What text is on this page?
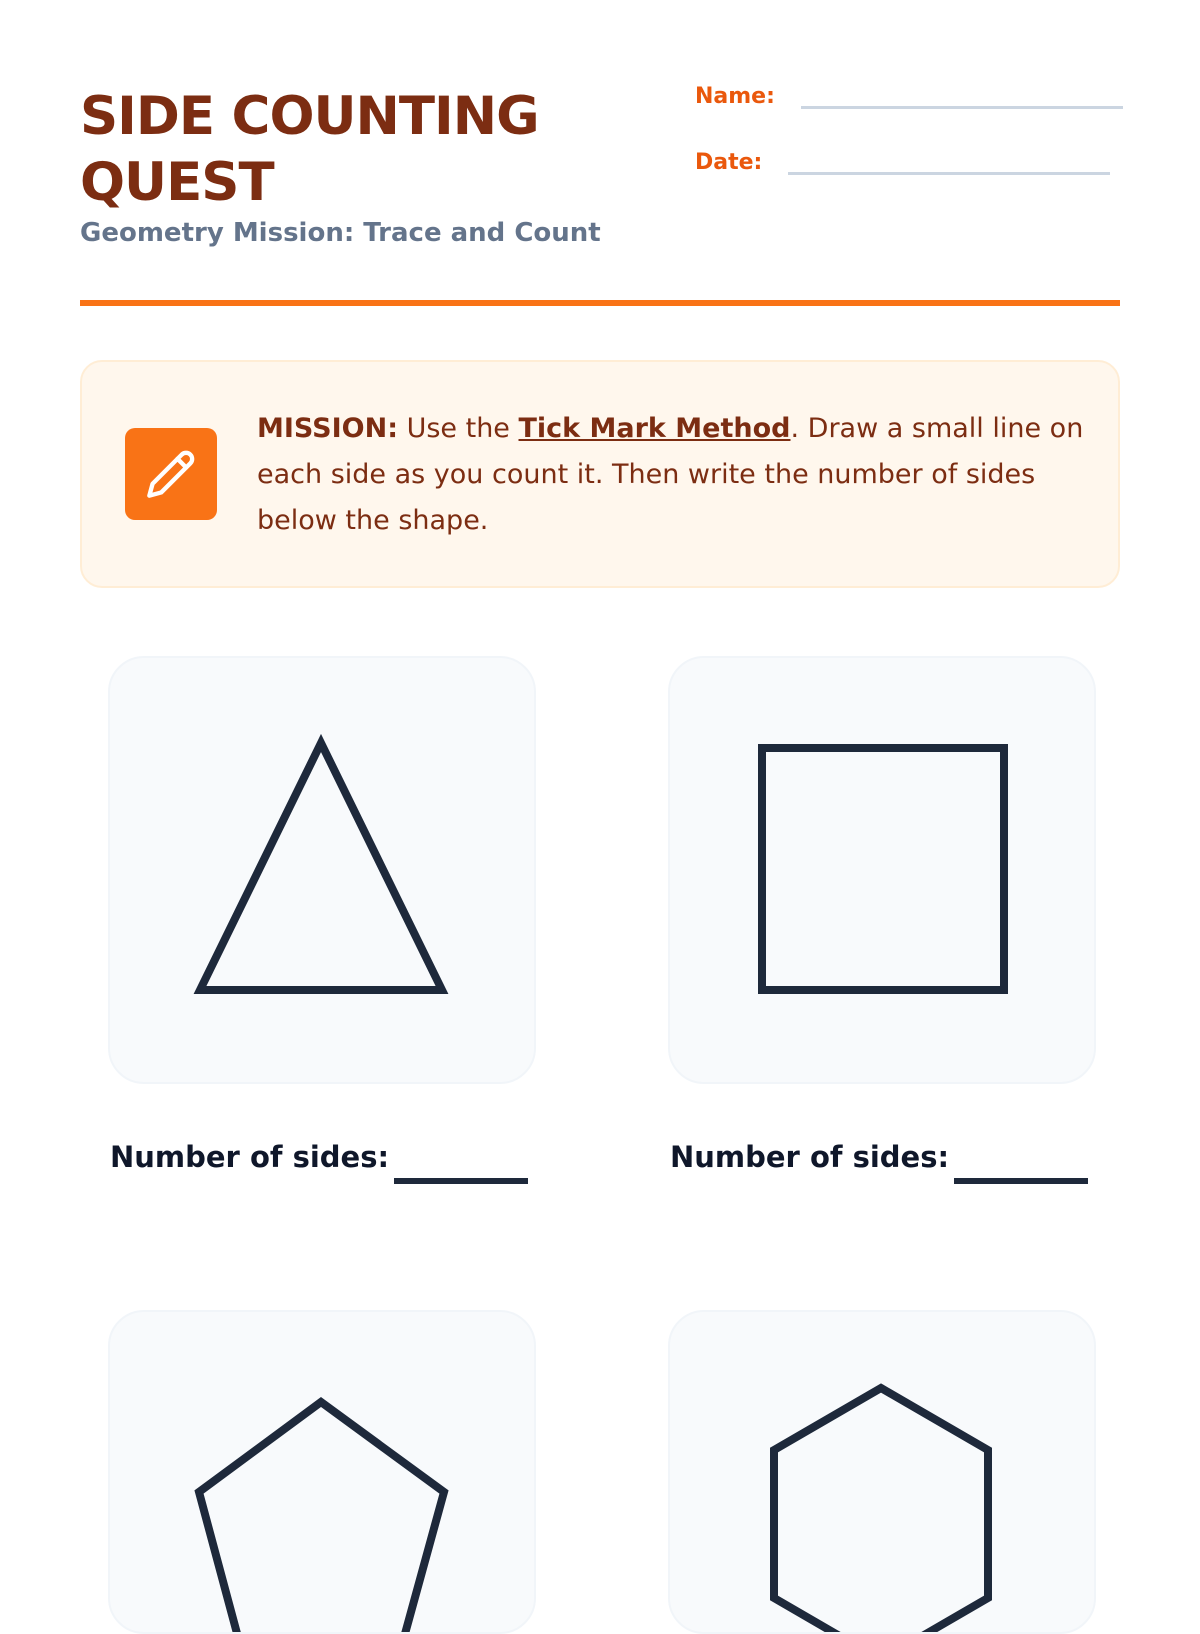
SIDE COUNTING QUEST
Geometry Mission: Trace and Count
Name:
Date:
MISSION: Use the Tick Mark Method. Draw a small line on each side as you count it. Then write the number of sides below the shape.
Number of sides:	Number of sides:
